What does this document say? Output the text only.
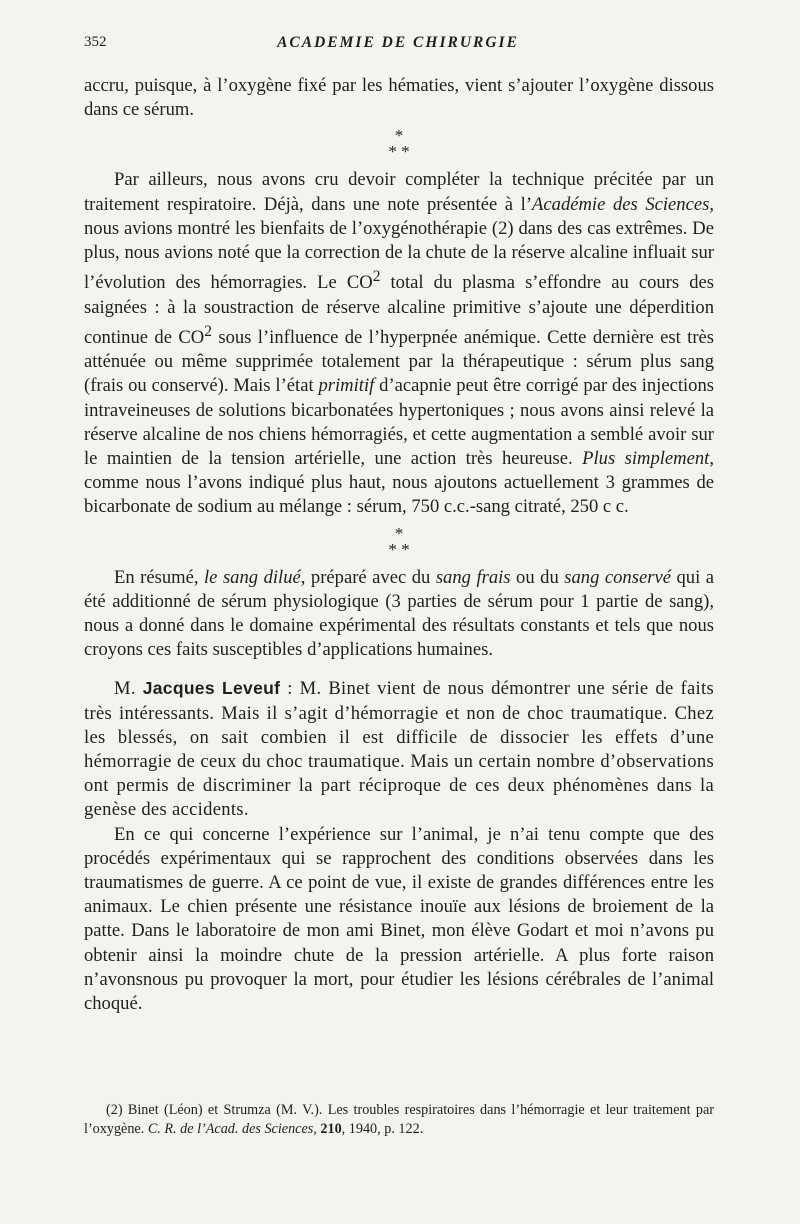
352	ACADEMIE DE CHIRURGIE

accru, puisque, à l’oxygène fixé par les hématies, vient s’ajouter l’oxygène dissous dans ce sérum.

*
* *

Par ailleurs, nous avons cru devoir compléter la technique précitée par un traitement respiratoire. Déjà, dans une note présentée à l’Académie des Sciences, nous avions montré les bienfaits de l’oxygénothérapie (2) dans des cas extrêmes. De plus, nous avions noté que la correction de la chute de la réserve alcaline influait sur l’évolution des hémorragies. Le $CO^2$ total du plasma s’effondre au cours des saignées : à la soustraction de réserve alcaline primitive s’ajoute une déperdition continue de $CO^2$ sous l’influence de l’hyperpnée anémique. Cette dernière est très atténuée ou même supprimée totalement par la thérapeutique : sérum plus sang (frais ou conservé). Mais l’état primitif d’acapnie peut être corrigé par des injections intraveineuses de solutions bicarbonatées hypertoniques ; nous avons ainsi relevé la réserve alcaline de nos chiens hémorragiés, et cette augmentation a semblé avoir sur le maintien de la tension artérielle, une action très heureuse. Plus simplement, comme nous l’avons indiqué plus haut, nous ajoutons actuellement 3 grammes de bicarbonate de sodium au mélange : sérum, 750 c.c.-sang citraté, 250 c c.

*
* *

En résumé, le sang dilué, préparé avec du sang frais ou du sang conservé qui a été additionné de sérum physiologique (3 parties de sérum pour 1 partie de sang), nous a donné dans le domaine expérimental des résultats constants et tels que nous croyons ces faits susceptibles d’applications humaines.

M. Jacques Leveuf : M. Binet vient de nous démontrer une série de faits très intéressants. Mais il s’agit d’hémorragie et non de choc traumatique. Chez les blessés, on sait combien il est difficile de dissocier les effets d’une hémorragie de ceux du choc traumatique. Mais un certain nombre d’observations ont permis de discriminer la part réciproque de ces deux phénomènes dans la genèse des accidents.

En ce qui concerne l’expérience sur l’animal, je n’ai tenu compte que des procédés expérimentaux qui se rapprochent des conditions observées dans les traumatismes de guerre. A ce point de vue, il existe de grandes différences entre les animaux. Le chien présente une résistance inouïe aux lésions de broiement de la patte. Dans le laboratoire de mon ami Binet, mon élève Godart et moi n’avons pu obtenir ainsi la moindre chute de la pression artérielle. A plus forte raison n’avonsnous pu provoquer la mort, pour étudier les lésions cérébrales de l’animal choqué.

(2) Binet (Léon) et Strumza (M. V.). Les troubles respiratoires dans l’hémorragie et leur traitement par l’oxygène. C. R. de l’Acad. des Sciences, 210, 1940, p. 122.
